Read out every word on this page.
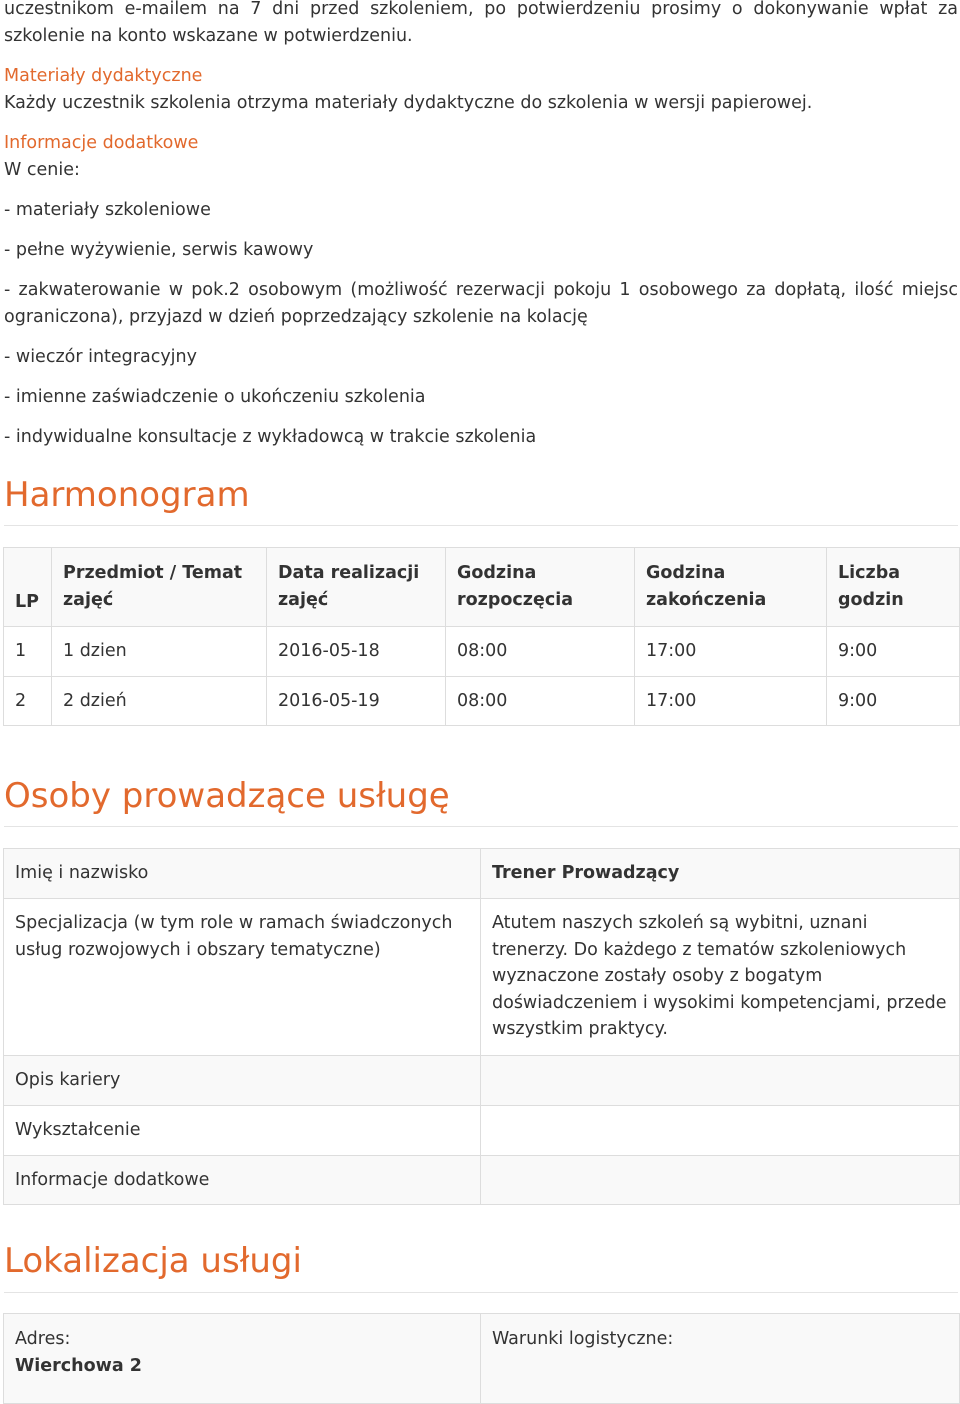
uczestnikom e-mailem na 7 dni przed szkoleniem, po potwierdzeniu prosimy o dokonywanie wpłat za szkolenie na konto wskazane w potwierdzeniu.

Materiały dydaktyczne

Każdy uczestnik szkolenia otrzyma materiały dydaktyczne do szkolenia w wersji papierowej.

Informacje dodatkowe

W cenie:

- materiały szkoleniowe

- pełne wyżywienie, serwis kawowy

- zakwaterowanie w pok.2 osobowym (możliwość rezerwacji pokoju 1 osobowego za dopłatą, ilość miejsc ograniczona), przyjazd w dzień poprzedzający szkolenie na kolację

- wieczór integracyjny

- imienne zaświadczenie o ukończeniu szkolenia

- indywidualne konsultacje z wykładowcą w trakcie szkolenia

Harmonogram
LP	Przedmiot / Temat zajęć	Data realizacji zajęć	Godzina rozpoczęcia	Godzina zakończenia	Liczba godzin
1	1 dzien	2016-05-18	08:00	17:00	9:00
2	2 dzień	2016-05-19	08:00	17:00	9:00
Osoby prowadzące usługę
Imię i nazwisko	Trener Prowadzący
Specjalizacja (w tym role w ramach świadczonych usług rozwojowych i obszary tematyczne)	Atutem naszych szkoleń są wybitni, uznani trenerzy. Do każdego z tematów szkoleniowych wyznaczone zostały osoby z bogatym doświadczeniem i wysokimi kompetencjami, przede wszystkim praktycy.
Opis kariery	
Wykształcenie	
Informacje dodatkowe	
Lokalizacja usługi
Adres:
Wierchowa 2

Warunki logistyczne:
